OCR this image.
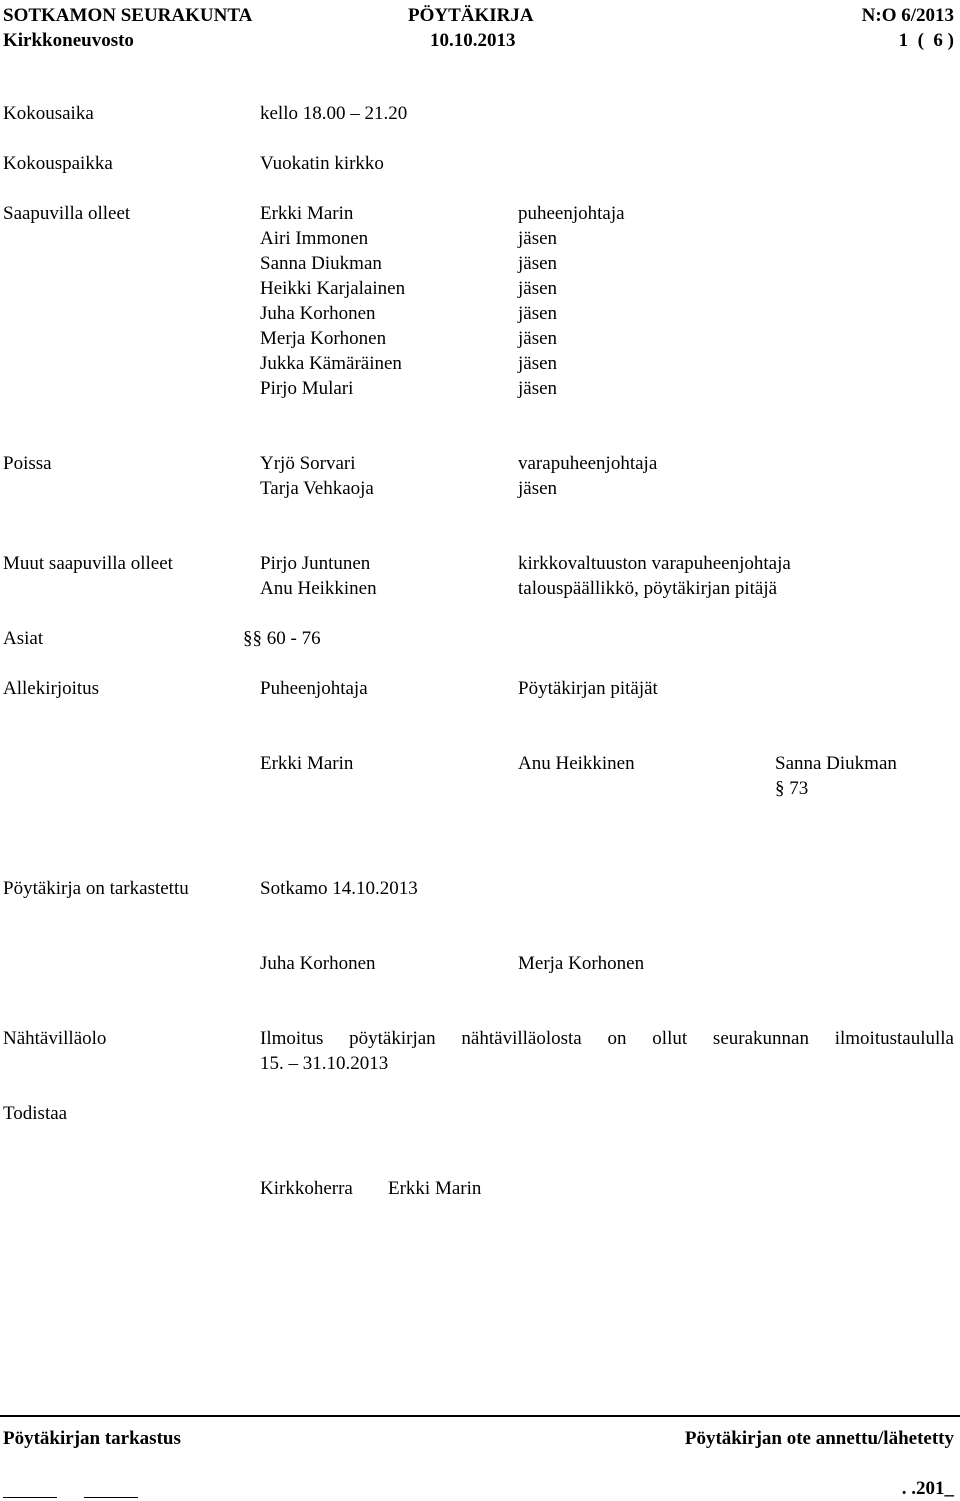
SOTKAMON SEURAKUNTA	PÖYTÄKIRJA	N:O 6/2013
Kirkkoneuvosto	10.10.2013	1  (  6 )
Kokousaika	kello 18.00 – 21.20
Kokouspaikka	Vuokatin kirkko
Saapuvilla olleet	Erkki Marin	puheenjohtaja
Airi Immonen	jäsen
Sanna Diukman	jäsen
Heikki Karjalainen	jäsen
Juha Korhonen	jäsen
Merja Korhonen	jäsen
Jukka Kämäräinen	jäsen
Pirjo Mulari	jäsen
Poissa	Yrjö Sorvari	varapuheenjohtaja
Tarja Vehkaoja	jäsen
Muut saapuvilla olleet	Pirjo Juntunen	kirkkovaltuuston varapuheenjohtaja
Anu Heikkinen	talouspäällikkö, pöytäkirjan pitäjä
Asiat	§§ 60 - 76
Allekirjoitus	Puheenjohtaja	Pöytäkirjan pitäjät
Erkki Marin	Anu Heikkinen	Sanna Diukman
§ 73
Pöytäkirja on tarkastettu	Sotkamo 14.10.2013
Juha Korhonen	Merja Korhonen
Nähtävilläolo	Ilmoitus pöytäkirjan nähtävilläolosta on ollut seurakunnan ilmoitustaululla
15. – 31.10.2013
Todistaa
Kirkkoherra Erkki Marin
Pöytäkirjan tarkastus	Pöytäkirjan ote annettu/lähetetty
. .201_
